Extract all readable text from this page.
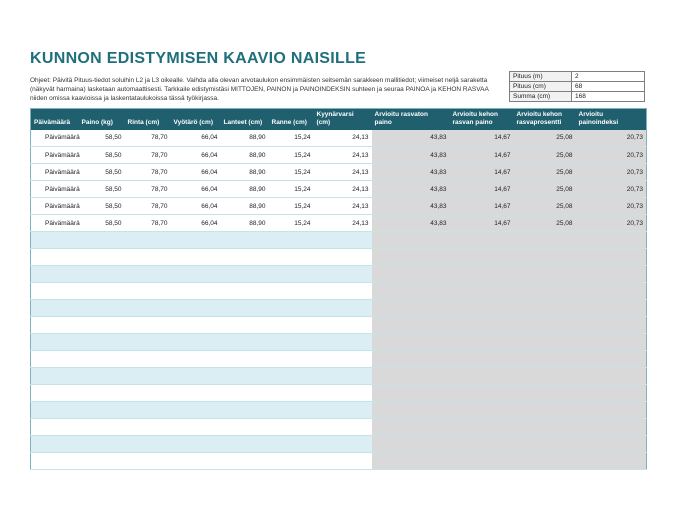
KUNNON EDISTYMISEN KAAVIO NAISILLE
Ohjeet: Päivitä Pituus-tiedot soluihin L2 ja L3 oikealle. Vaihda alla olevan arvotaulukon ensimmäisten seitsemän sarakkeen mallitiedot; viimeiset neljä saraketta (näkyvät harmaina) lasketaan automaattisesti. Tarkkaile edistymistäsi MITTOJEN, PAINON ja PAINOINDEKSIN suhteen ja seuraa PAINOA ja KEHON RASVAA niiden omissa kaavioissa ja laskentataulukoissa tässä työkirjassa.
Pituus (m)	2
Pituus (cm)	68
Summa (cm)	168
Päivämäärä	Paino (kg)	Rinta (cm)	Vyötärö (cm)	Lanteet (cm)	Ranne (cm)	Kyynärvarsi (cm)	Arvioitu rasvaton paino	Arvioitu kehon rasvan paino	Arvioitu kehon rasvaprosentti	Arvioitu painoindeksi
Päivämäärä	58,50	78,70	66,04	88,90	15,24	24,13	43,83	14,67	25,08	20,73
Päivämäärä	58,50	78,70	66,04	88,90	15,24	24,13	43,83	14,67	25,08	20,73
Päivämäärä	58,50	78,70	66,04	88,90	15,24	24,13	43,83	14,67	25,08	20,73
Päivämäärä	58,50	78,70	66,04	88,90	15,24	24,13	43,83	14,67	25,08	20,73
Päivämäärä	58,50	78,70	66,04	88,90	15,24	24,13	43,83	14,67	25,08	20,73
Päivämäärä	58,50	78,70	66,04	88,90	15,24	24,13	43,83	14,67	25,08	20,73
